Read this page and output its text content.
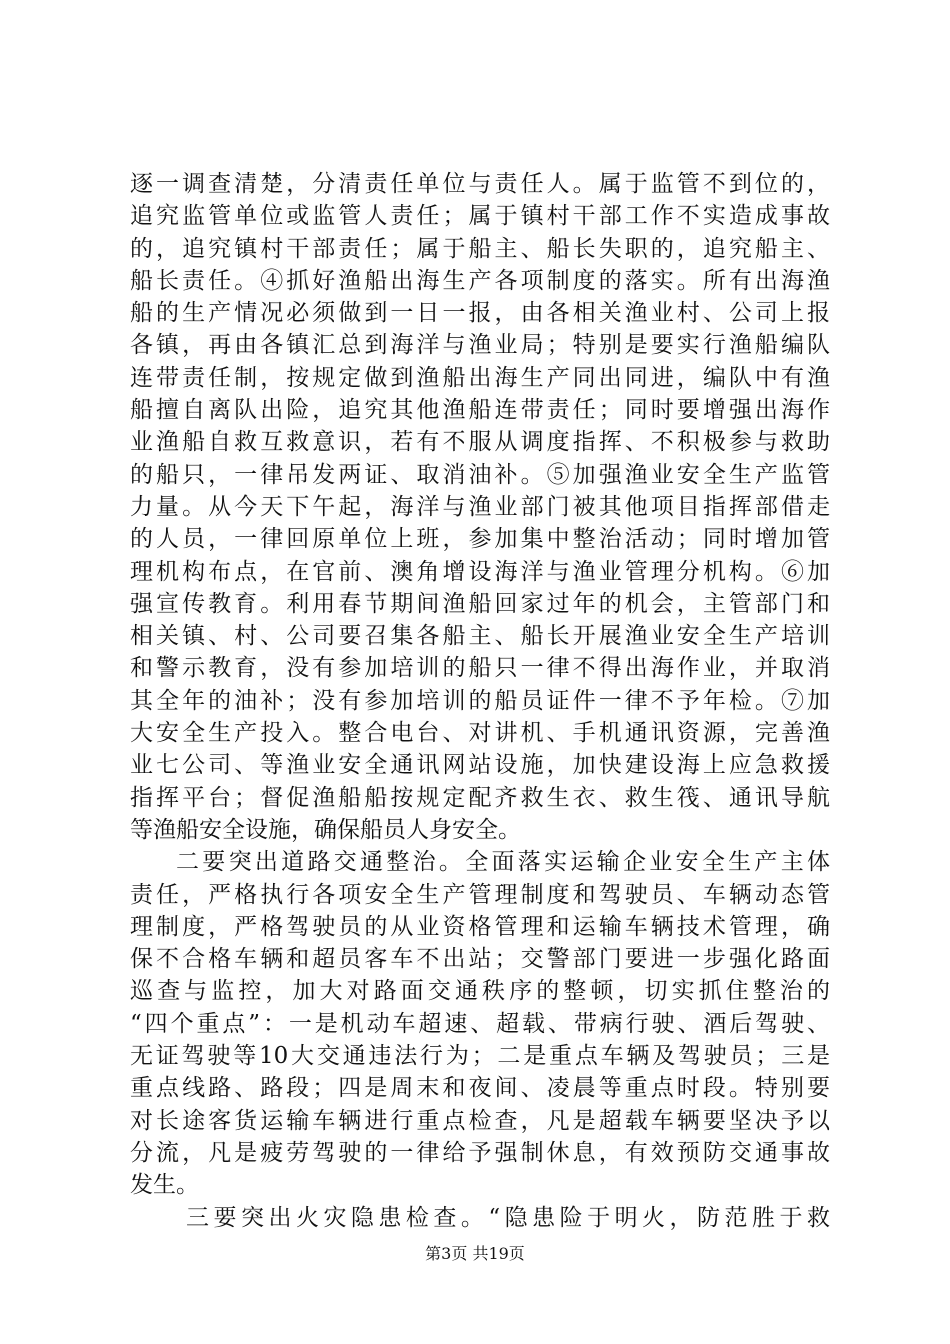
逐一调查清楚，分清责任单位与责任人。属于监管不到位的，
追究监管单位或监管人责任；属于镇村干部工作不实造成事故
的，追究镇村干部责任；属于船主、船长失职的，追究船主、
船长责任。④抓好渔船出海生产各项制度的落实。所有出海渔
船的生产情况必须做到一日一报，由各相关渔业村、公司上报
各镇，再由各镇汇总到海洋与渔业局；特别是要实行渔船编队
连带责任制，按规定做到渔船出海生产同出同进，编队中有渔
船擅自离队出险，追究其他渔船连带责任；同时要增强出海作
业渔船自救互救意识，若有不服从调度指挥、不积极参与救助
的船只，一律吊发两证、取消油补。⑤加强渔业安全生产监管
力量。从今天下午起，海洋与渔业部门被其他项目指挥部借走
的人员，一律回原单位上班，参加集中整治活动；同时增加管
理机构布点，在官前、澳角增设海洋与渔业管理分机构。⑥加
强宣传教育。利用春节期间渔船回家过年的机会，主管部门和
相关镇、村、公司要召集各船主、船长开展渔业安全生产培训
和警示教育，没有参加培训的船只一律不得出海作业，并取消
其全年的油补；没有参加培训的船员证件一律不予年检。⑦加
大安全生产投入。整合电台、对讲机、手机通讯资源，完善渔
业七公司、等渔业安全通讯网站设施，加快建设海上应急救援
指挥平台；督促渔船船按规定配齐救生衣、救生筏、通讯导航
等渔船安全设施，确保船员人身安全。
二要突出道路交通整治。全面落实运输企业安全生产主体
责任，严格执行各项安全生产管理制度和驾驶员、车辆动态管
理制度，严格驾驶员的从业资格管理和运输车辆技术管理，确
保不合格车辆和超员客车不出站；交警部门要进一步强化路面
巡查与监控，加大对路面交通秩序的整顿，切实抓住整治的
“四个重点”：一是机动车超速、超载、带病行驶、酒后驾驶、
无证驾驶等10大交通违法行为；二是重点车辆及驾驶员；三是
重点线路、路段；四是周末和夜间、凌晨等重点时段。特别要
对长途客货运输车辆进行重点检查，凡是超载车辆要坚决予以
分流，凡是疲劳驾驶的一律给予强制休息，有效预防交通事故
发生。
三要突出火灾隐患检查。“隐患险于明火，防范胜于救
第3页 共19页
